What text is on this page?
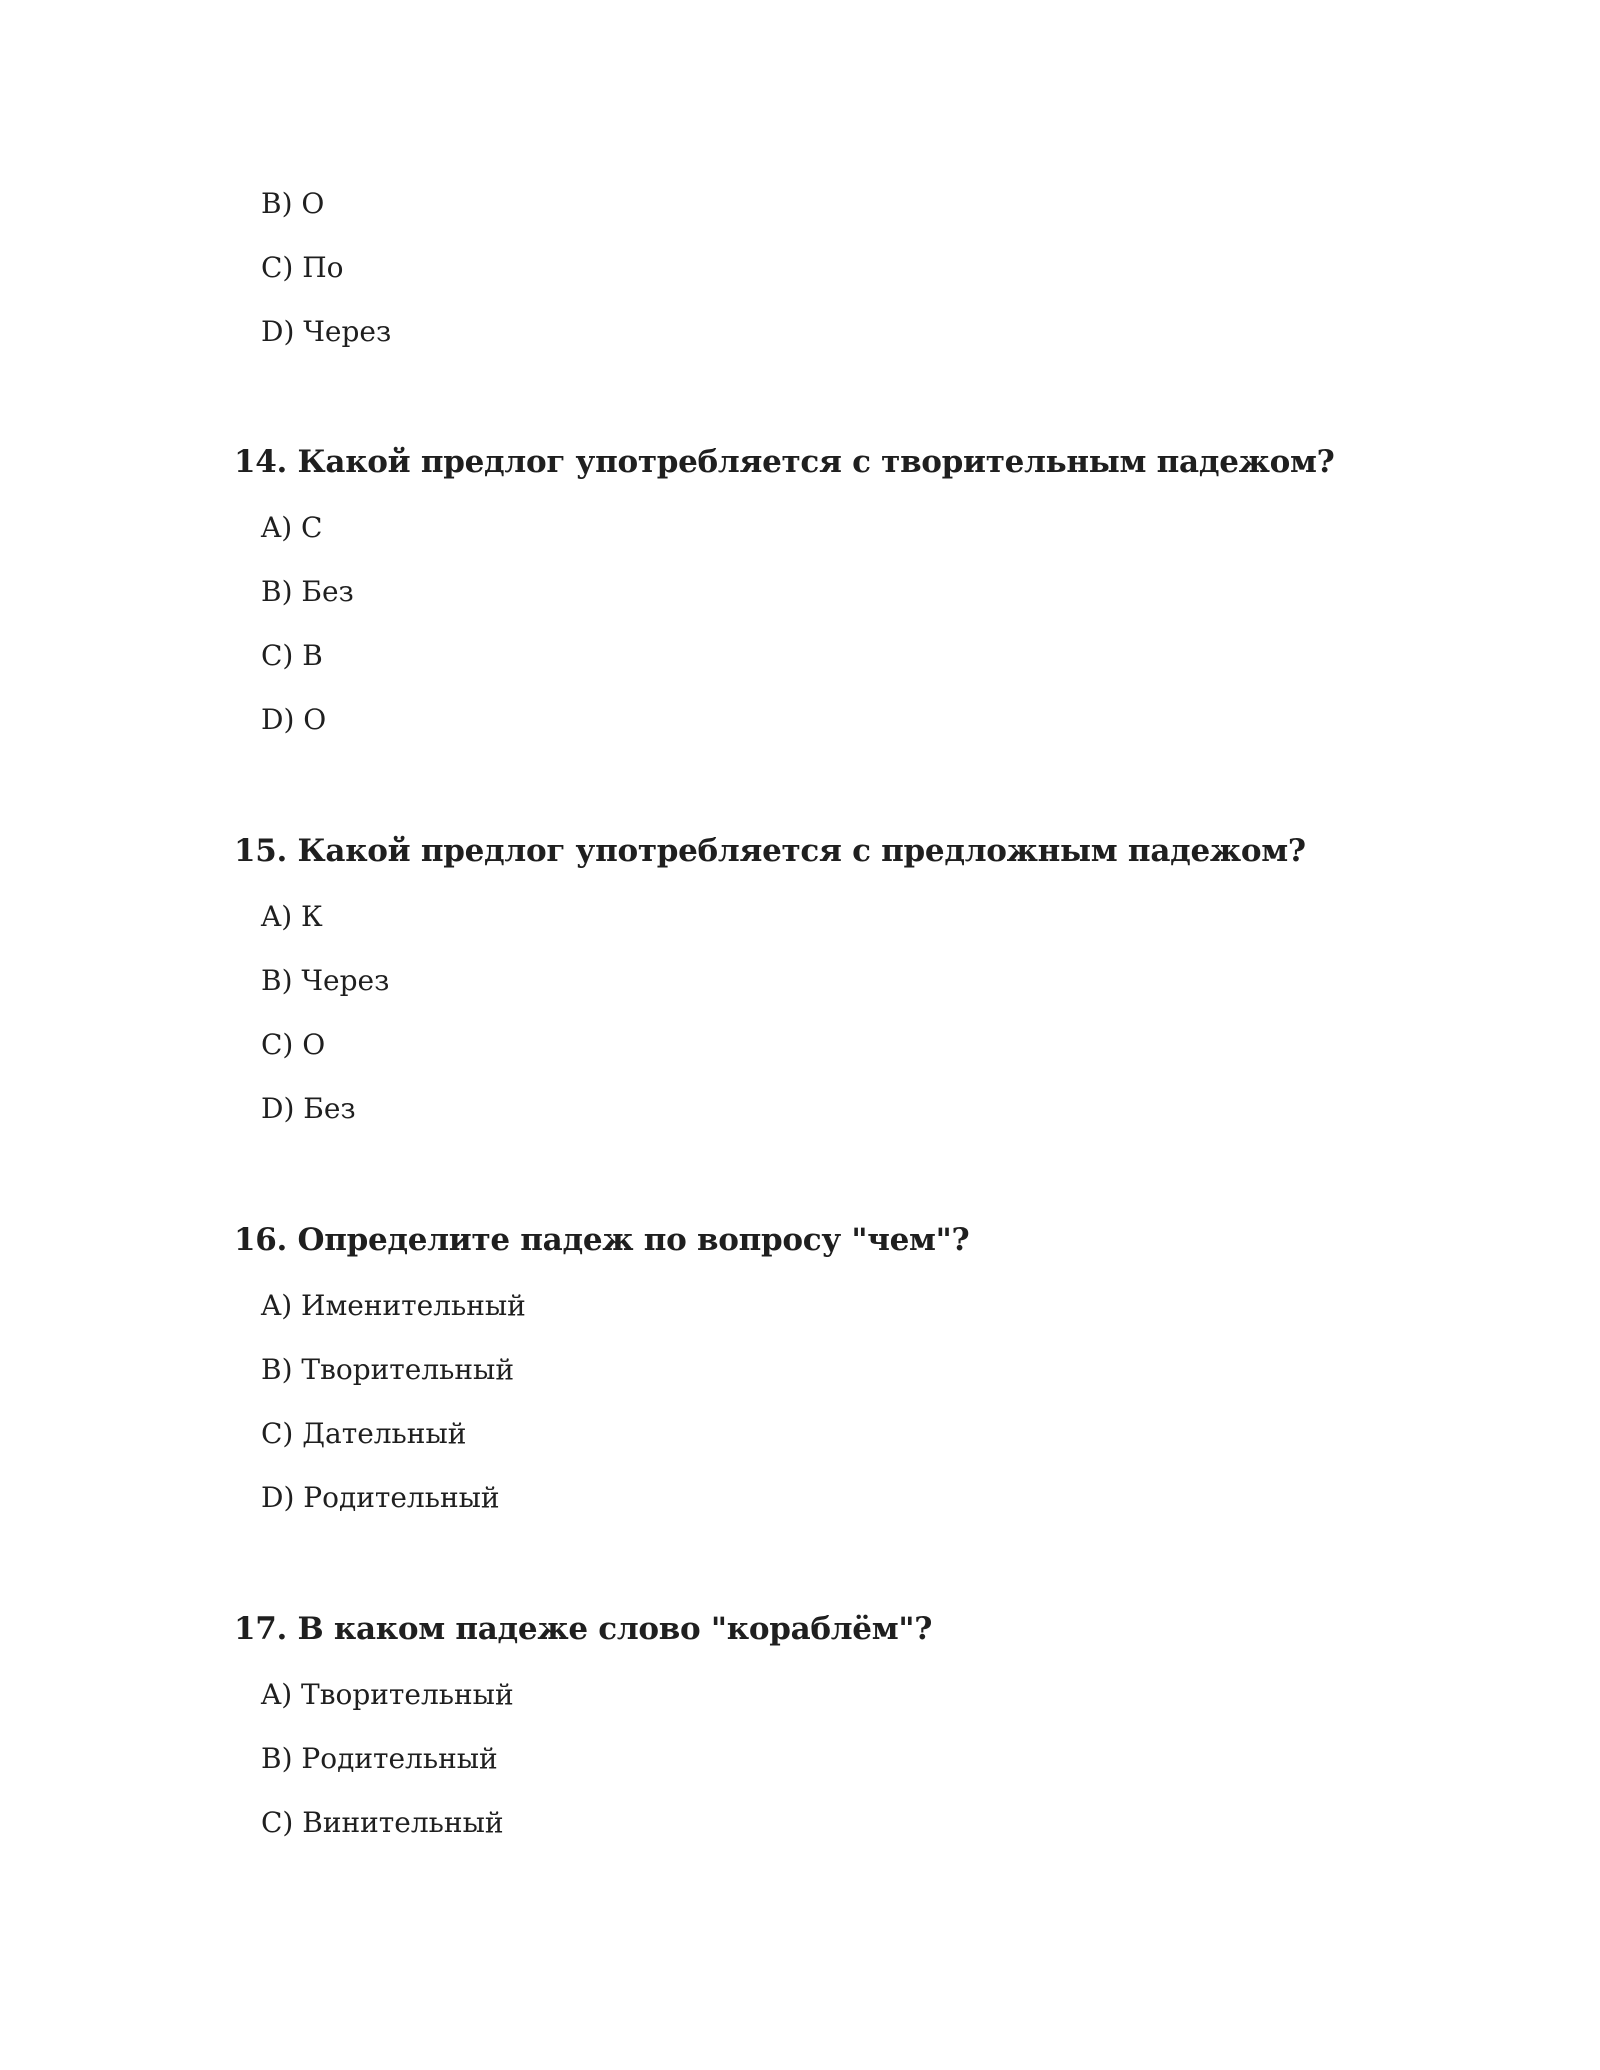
B) О
C) По
D) Через
14. Какой предлог употребляется с творительным падежом?
A) С
B) Без
C) В
D) О
15. Какой предлог употребляется с предложным падежом?
A) К
B) Через
C) О
D) Без
16. Определите падеж по вопросу "чем"?
A) Именительный
B) Творительный
C) Дательный
D) Родительный
17. В каком падеже слово "кораблём"?
A) Творительный
B) Родительный
C) Винительный
